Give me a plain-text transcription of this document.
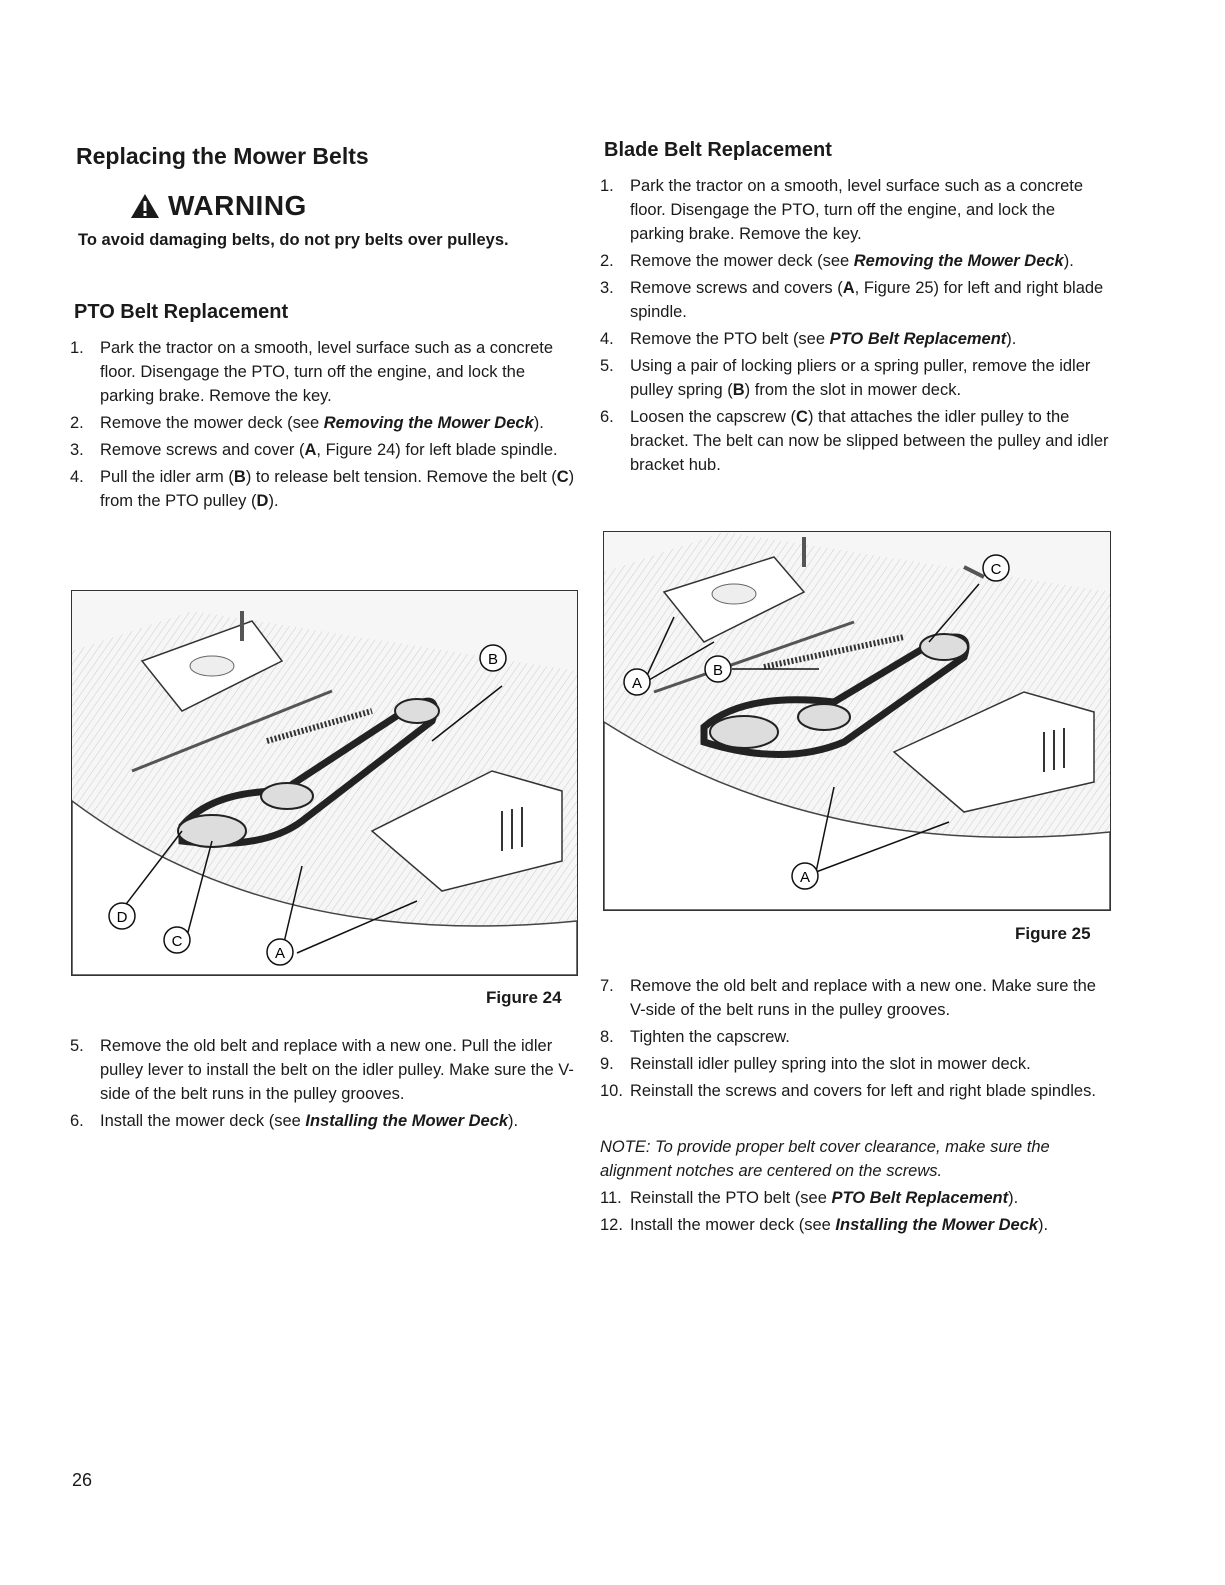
Replacing the Mower Belts
WARNING
To avoid damaging belts, do not pry belts over pulleys.
PTO Belt Replacement
1. Park the tractor on a smooth, level surface such as a concrete floor. Disengage the PTO, turn off the engine, and lock the parking brake. Remove the key.
2. Remove the mower deck (see Removing the Mower Deck).
3. Remove screws and cover (A, Figure 24) for left blade spindle.
4. Pull the idler arm (B) to release belt tension. Remove the belt (C) from the PTO pulley (D).
B
D
C
A
Figure 24
5. Remove the old belt and replace with a new one. Pull the idler pulley lever to install the belt on the idler pulley. Make sure the V-side of the belt runs in the pulley grooves.
6. Install the mower deck (see Installing the Mower Deck).
Blade Belt Replacement
1. Park the tractor on a smooth, level surface such as a concrete floor. Disengage the PTO, turn off the engine, and lock the parking brake. Remove the key.
2. Remove the mower deck (see Removing the Mower Deck).
3. Remove screws and covers (A, Figure 25) for left and right blade spindle.
4. Remove the PTO belt (see PTO Belt Replacement).
5. Using a pair of locking pliers or a spring puller, remove the idler pulley spring (B) from the slot in mower deck.
6. Loosen the capscrew (C) that attaches the idler pulley to the bracket. The belt can now be slipped between the pulley and idler bracket hub.
C
A
B
A
Figure 25
7. Remove the old belt and replace with a new one. Make sure the V-side of the belt runs in the pulley grooves.
8. Tighten the capscrew.
9. Reinstall idler pulley spring into the slot in mower deck.
10. Reinstall the screws and covers for left and right blade spindles.
NOTE: To provide proper belt cover clearance, make sure the alignment notches are centered on the screws.
11. Reinstall the PTO belt (see PTO Belt Replacement).
12. Install the mower deck (see Installing the Mower Deck).
26
